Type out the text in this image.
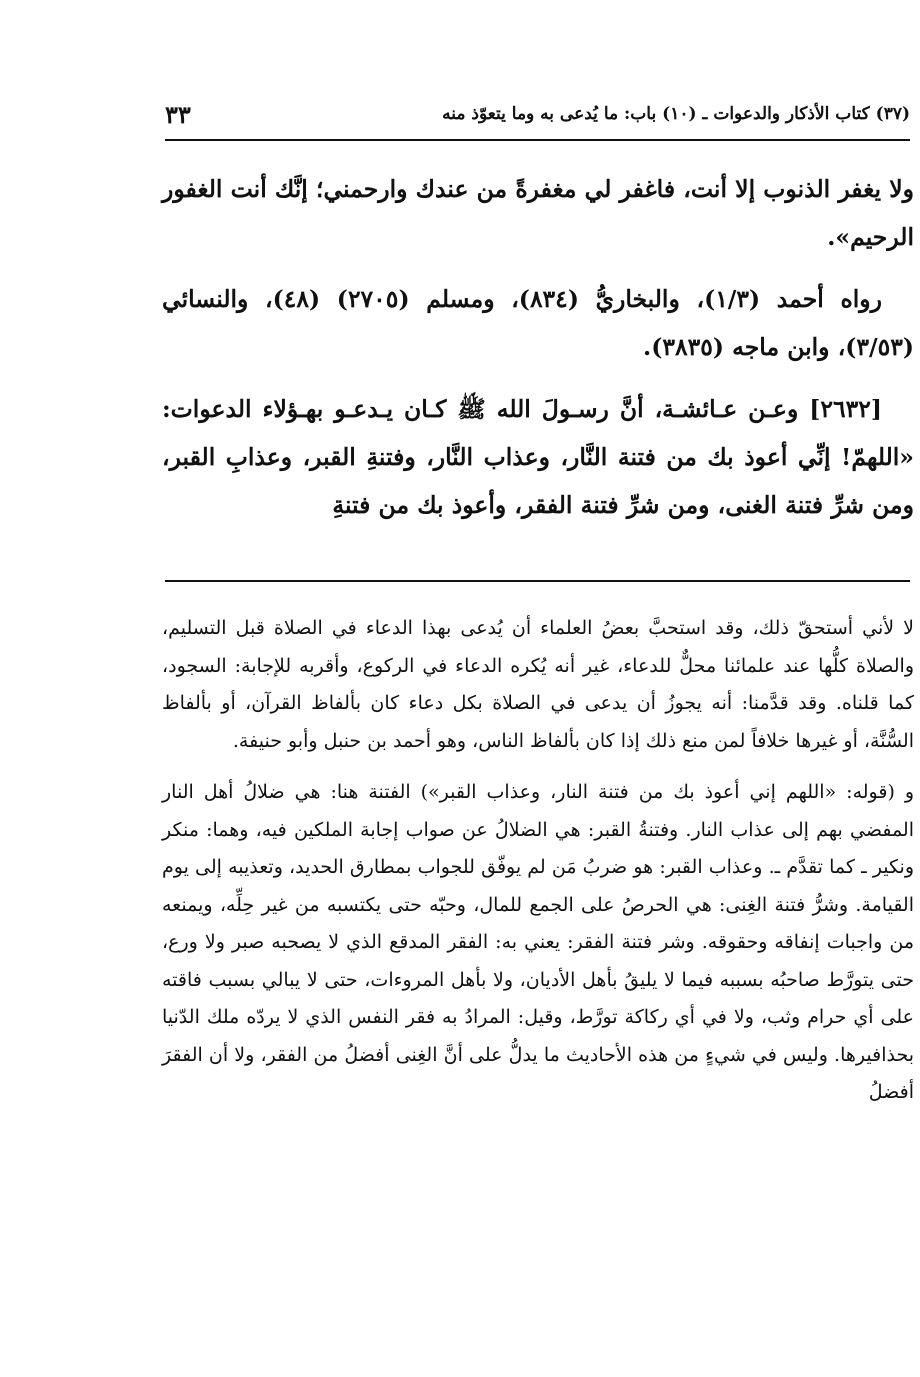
(٣٧) كتاب الأذكار والدعوات ـ (١٠) باب: ما يُدعى به وما يتعوّذ منه
٣٣

ولا يغفر الذنوب إلا أنت، فاغفر لي مغفرةً من عندك وارحمني؛ إنَّك أنت الغفور الرحيم».

رواه أحمد (١/٣)، والبخاريُّ (٨٣٤)، ومسلم (٢٧٠٥) (٤٨)، والنسائي (٣/٥٣)، وابن ماجه (٣٨٣٥).

[٢٦٣٢] وعـن عـائشـة، أنَّ رسـولَ الله ﷺ كـان يـدعـو بهـؤلاء الدعوات: «اللهمّ! إنِّي أعوذ بك من فتنة النَّار، وعذاب النَّار، وفتنةِ القبر، وعذابِ القبر، ومن شرِّ فتنة الغنى، ومن شرِّ فتنة الفقر، وأعوذ بك من فتنةِ

لا لأني أستحقّ ذلك، وقد استحبَّ بعضُ العلماء أن يُدعى بهذا الدعاء في الصلاة قبل التسليم، والصلاة كلُّها عند علمائنا محلٌّ للدعاء، غير أنه يُكره الدعاء في الركوع، وأقربه للإجابة: السجود، كما قلناه. وقد قدَّمنا: أنه يجوزُ أن يدعى في الصلاة بكل دعاء كان بألفاظ القرآن، أو بألفاظ السُّنَّة، أو غيرها خلافاً لمن منع ذلك إذا كان بألفاظ الناس، وهو أحمد بن حنبل وأبو حنيفة.

و (قوله: «اللهم إني أعوذ بك من فتنة النار، وعذاب القبر») الفتنة هنا: هي ضلالُ أهل النار المفضي بهم إلى عذاب النار. وفتنةُ القبر: هي الضلالُ عن صواب إجابة الملكين فيه، وهما: منكر ونكير ـ كما تقدَّم ـ. وعذاب القبر: هو ضربُ مَن لم يوفّق للجواب بمطارق الحديد، وتعذيبه إلى يوم القيامة. وشرُّ فتنة الغِنى: هي الحرصُ على الجمع للمال، وحبّه حتى يكتسبه من غير حِلِّه، ويمنعه من واجبات إنفاقه وحقوقه. وشر فتنة الفقر: يعني به: الفقر المدقع الذي لا يصحبه صبر ولا ورع، حتى يتورَّط صاحبُه بسببه فيما لا يليقُ بأهل الأديان، ولا بأهل المروءات، حتى لا يبالي بسبب فاقته على أي حرام وثب، ولا في أي ركاكة تورَّط، وقيل: المرادُ به فقر النفس الذي لا يردّه ملك الدّنيا بحذافيرها. وليس في شيءٍ من هذه الأحاديث ما يدلُّ على أنَّ الغِنى أفضلُ من الفقر، ولا أن الفقرَ أفضلُ
